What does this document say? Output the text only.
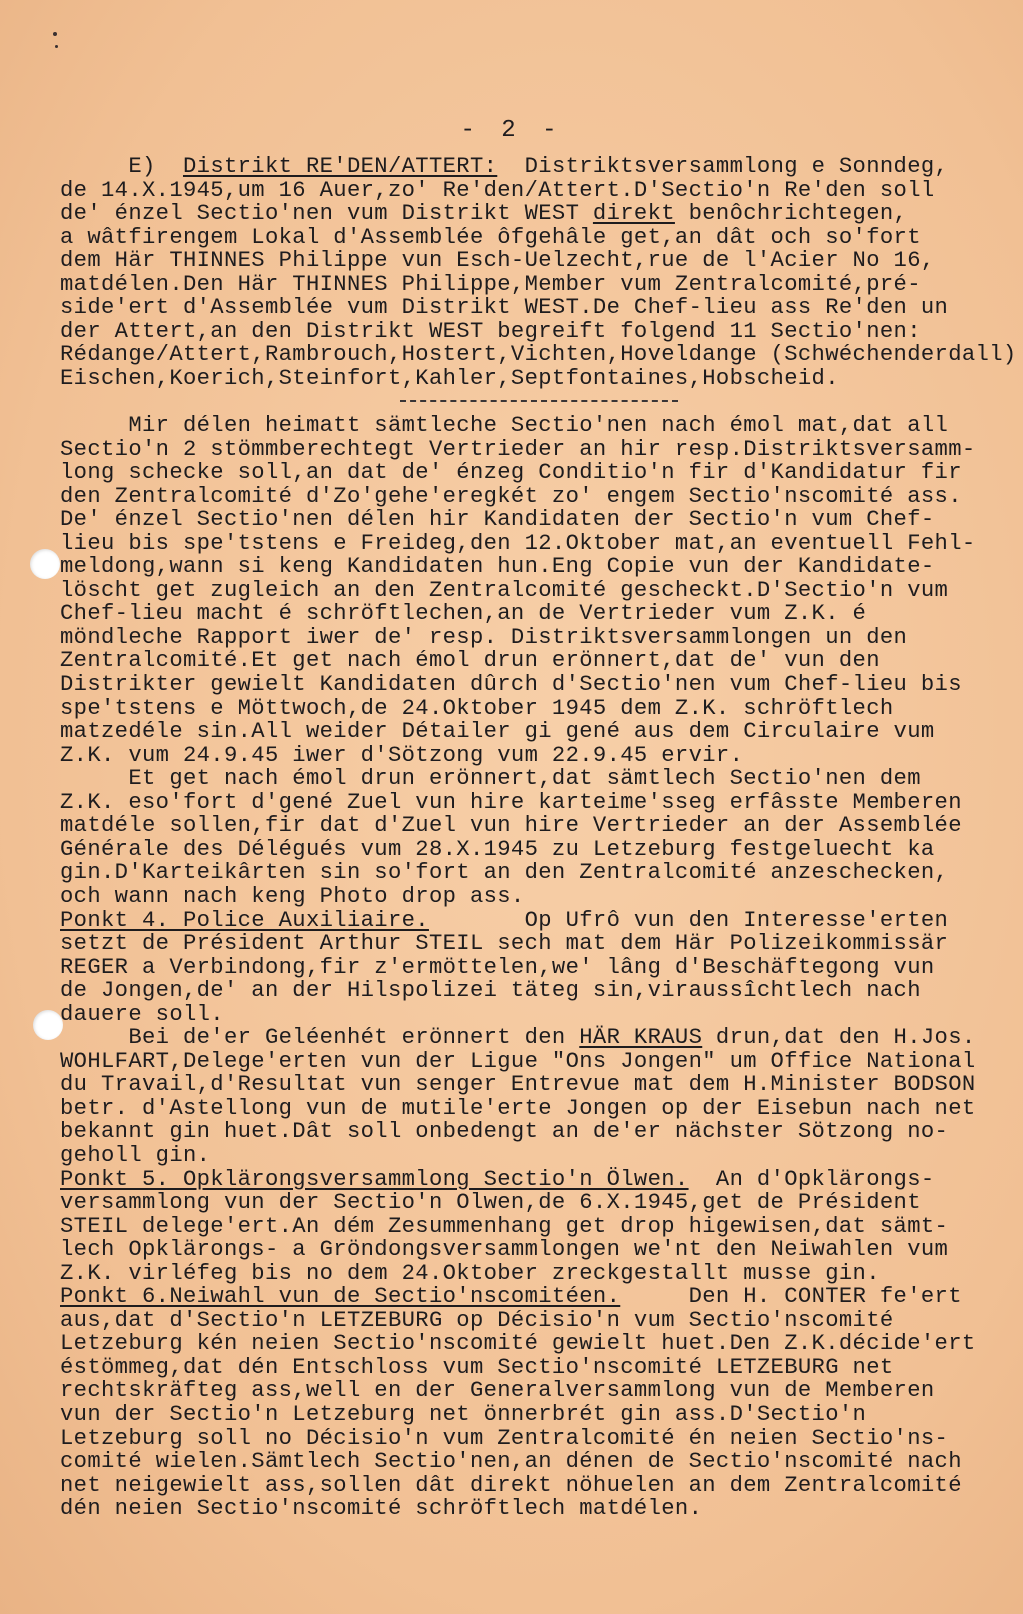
- 2 -
E)  Distrikt RE'DEN/ATTERT:  Distriktsversammlong e Sonndeg,
de 14.X.1945,um 16 Auer,zo' Re'den/Attert.D'Sectio'n Re'den soll
de' énzel Sectio'nen vum Distrikt WEST direkt benôchrichtegen,
a wâtfirengem Lokal d'Assemblée ôfgehâle get,an dât och so'fort
dem Här THINNES Philippe vun Esch-Uelzecht,rue de l'Acier No 16,
matdélen.Den Här THINNES Philippe,Member vum Zentralcomité,pré-
side'ert d'Assemblée vum Distrikt WEST.De Chef-lieu ass Re'den un
der Attert,an den Distrikt WEST begreift folgend 11 Sectio'nen:
Rédange/Attert,Rambrouch,Hostert,Vichten,Hoveldange (Schwéchenderdall)
Eischen,Koerich,Steinfort,Kahler,Septfontaines,Hobscheid.
Mir délen heimatt sämtleche Sectio'nen nach émol mat,dat all
Sectio'n 2 stömmberechtegt Vertrieder an hir resp.Distriktsversamm-
long schecke soll,an dat de' énzeg Conditio'n fir d'Kandidatur fir
den Zentralcomité d'Zo'gehe'eregkét zo' engem Sectio'nscomité ass.
De' énzel Sectio'nen délen hir Kandidaten der Sectio'n vum Chef-
lieu bis spe'tstens e Freideg,den 12.Oktober mat,an eventuell Fehl-
meldong,wann si keng Kandidaten hun.Eng Copie vun der Kandidate-
löscht get zugleich an den Zentralcomité gescheckt.D'Sectio'n vum
Chef-lieu macht é schröftlechen,an de Vertrieder vum Z.K. é
möndleche Rapport iwer de' resp. Distriktsversammlongen un den
Zentralcomité.Et get nach émol drun erönnert,dat de' vun den
Distrikter gewielt Kandidaten dûrch d'Sectio'nen vum Chef-lieu bis
spe'tstens e Möttwoch,de 24.Oktober 1945 dem Z.K. schröftlech
matzedéle sin.All weider Détailer gi gené aus dem Circulaire vum
Z.K. vum 24.9.45 iwer d'Sötzong vum 22.9.45 ervir.
Et get nach émol drun erönnert,dat sämtlech Sectio'nen dem
Z.K. eso'fort d'gené Zuel vun hire karteime'sseg erfâsste Memberen
matdéle sollen,fir dat d'Zuel vun hire Vertrieder an der Assemblée
Générale des Délégués vum 28.X.1945 zu Letzeburg festgeluecht ka
gin.D'Karteikârten sin so'fort an den Zentralcomité anzeschecken,
och wann nach keng Photo drop ass.
Ponkt 4. Police Auxiliaire.       Op Ufrô vun den Interesse'erten
setzt de Président Arthur STEIL sech mat dem Här Polizeikommissär
REGER a Verbindong,fir z'ermöttelen,we' lâng d'Beschäftegong vun
de Jongen,de' an der Hilspolizei täteg sin,viraussîchtlech nach
dauere soll.
Bei de'er Geléenhét erönnert den HÄR KRAUS drun,dat den H.Jos.
WOHLFART,Delege'erten vun der Ligue "Ons Jongen" um Office National
du Travail,d'Resultat vun senger Entrevue mat dem H.Minister BODSON
betr. d'Astellong vun de mutile'erte Jongen op der Eisebun nach net
bekannt gin huet.Dât soll onbedengt an de'er nächster Sötzong no-
geholl gin.
Ponkt 5. Opklärongsversammlong Sectio'n Ölwen.  An d'Opklärongs-
versammlong vun der Sectio'n Olwen,de 6.X.1945,get de Président
STEIL delege'ert.An dém Zesummenhang get drop higewisen,dat sämt-
lech Opklärongs- a Gröndongsversammlongen we'nt den Neiwahlen vum
Z.K. virléfeg bis no dem 24.Oktober zreckgestallt musse gin.
Ponkt 6.Neiwahl vun de Sectio'nscomitéen.     Den H. CONTER fe'ert
aus,dat d'Sectio'n LETZEBURG op Décisio'n vum Sectio'nscomité
Letzeburg kén neien Sectio'nscomité gewielt huet.Den Z.K.décide'ert
éstömmeg,dat dén Entschloss vum Sectio'nscomité LETZEBURG net
rechtskräfteg ass,well en der Generalversammlong vun de Memberen
vun der Sectio'n Letzeburg net önnerbrét gin ass.D'Sectio'n
Letzeburg soll no Décisio'n vum Zentralcomité én neien Sectio'ns-
comité wielen.Sämtlech Sectio'nen,an dénen de Sectio'nscomité nach
net neigewielt ass,sollen dât direkt nöhuelen an dem Zentralcomité
dén neien Sectio'nscomité schröftlech matdélen.
